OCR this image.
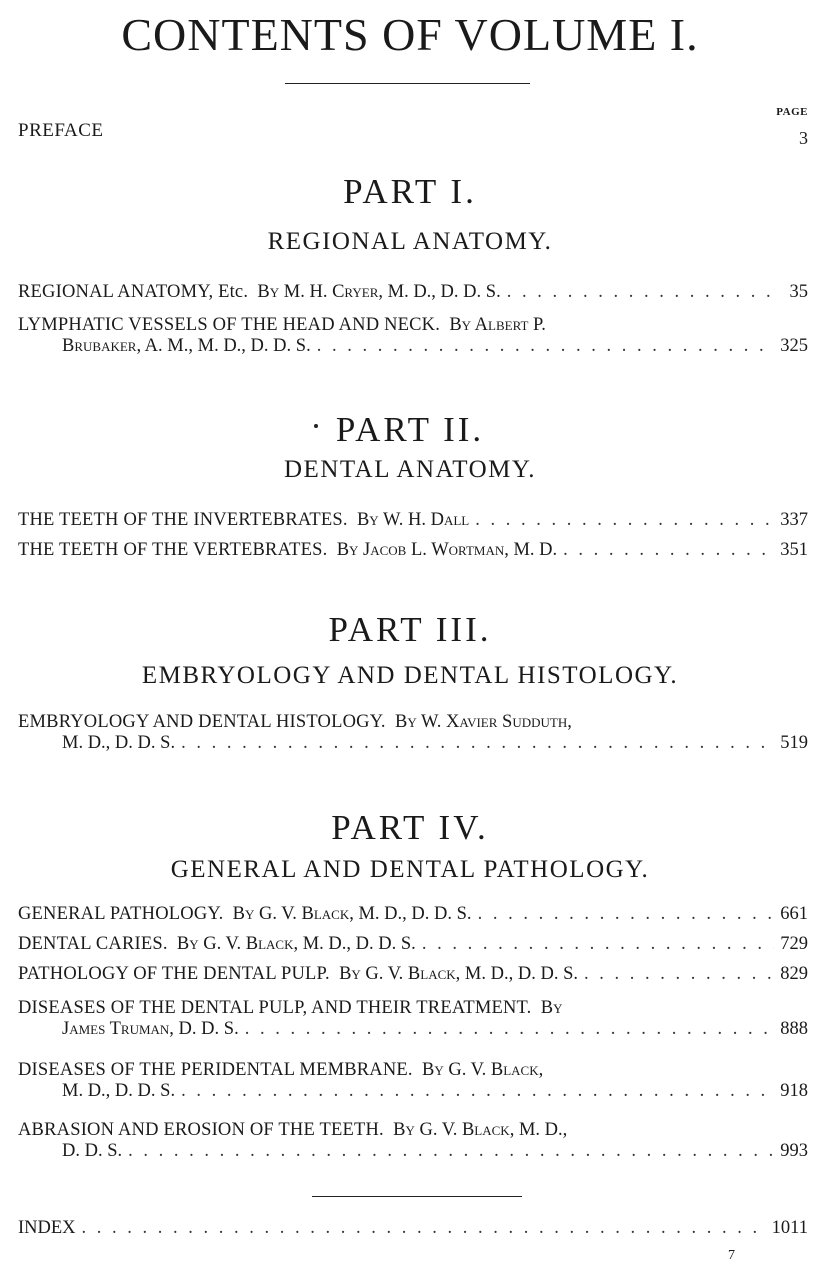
CONTENTS OF VOLUME I.
PAGE
PREFACE	3
PART I.
REGIONAL ANATOMY.
REGIONAL ANATOMY, Etc. By M. H. Cryer, M. D., D. D. S. . . .	35
LYMPHATIC VESSELS OF THE HEAD AND NECK. By Albert P.
Brubaker, A. M., M. D., D. D. S. . . .	325
PART II.
DENTAL ANATOMY.
THE TEETH OF THE INVERTEBRATES. By W. H. Dall . . .	337
THE TEETH OF THE VERTEBRATES. By Jacob L. Wortman, M. D. . . .	351
PART III.
EMBRYOLOGY AND DENTAL HISTOLOGY.
EMBRYOLOGY AND DENTAL HISTOLOGY. By W. Xavier Sudduth,
M. D., D. D. S. . . .	519
PART IV.
GENERAL AND DENTAL PATHOLOGY.
GENERAL PATHOLOGY. By G. V. Black, M. D., D. D. S. . . .	661
DENTAL CARIES. By G. V. Black, M. D., D. D. S. . . .	729
PATHOLOGY OF THE DENTAL PULP. By G. V. Black, M. D., D. D. S. . . .	829
DISEASES OF THE DENTAL PULP, AND THEIR TREATMENT. By
James Truman, D. D. S. . . .	888
DISEASES OF THE PERIDENTAL MEMBRANE. By G. V. Black,
M. D., D. D. S. . . .	918
ABRASION AND EROSION OF THE TEETH. By G. V. Black, M. D.,
D. D. S. . . .	993
INDEX . . .	1011
7
